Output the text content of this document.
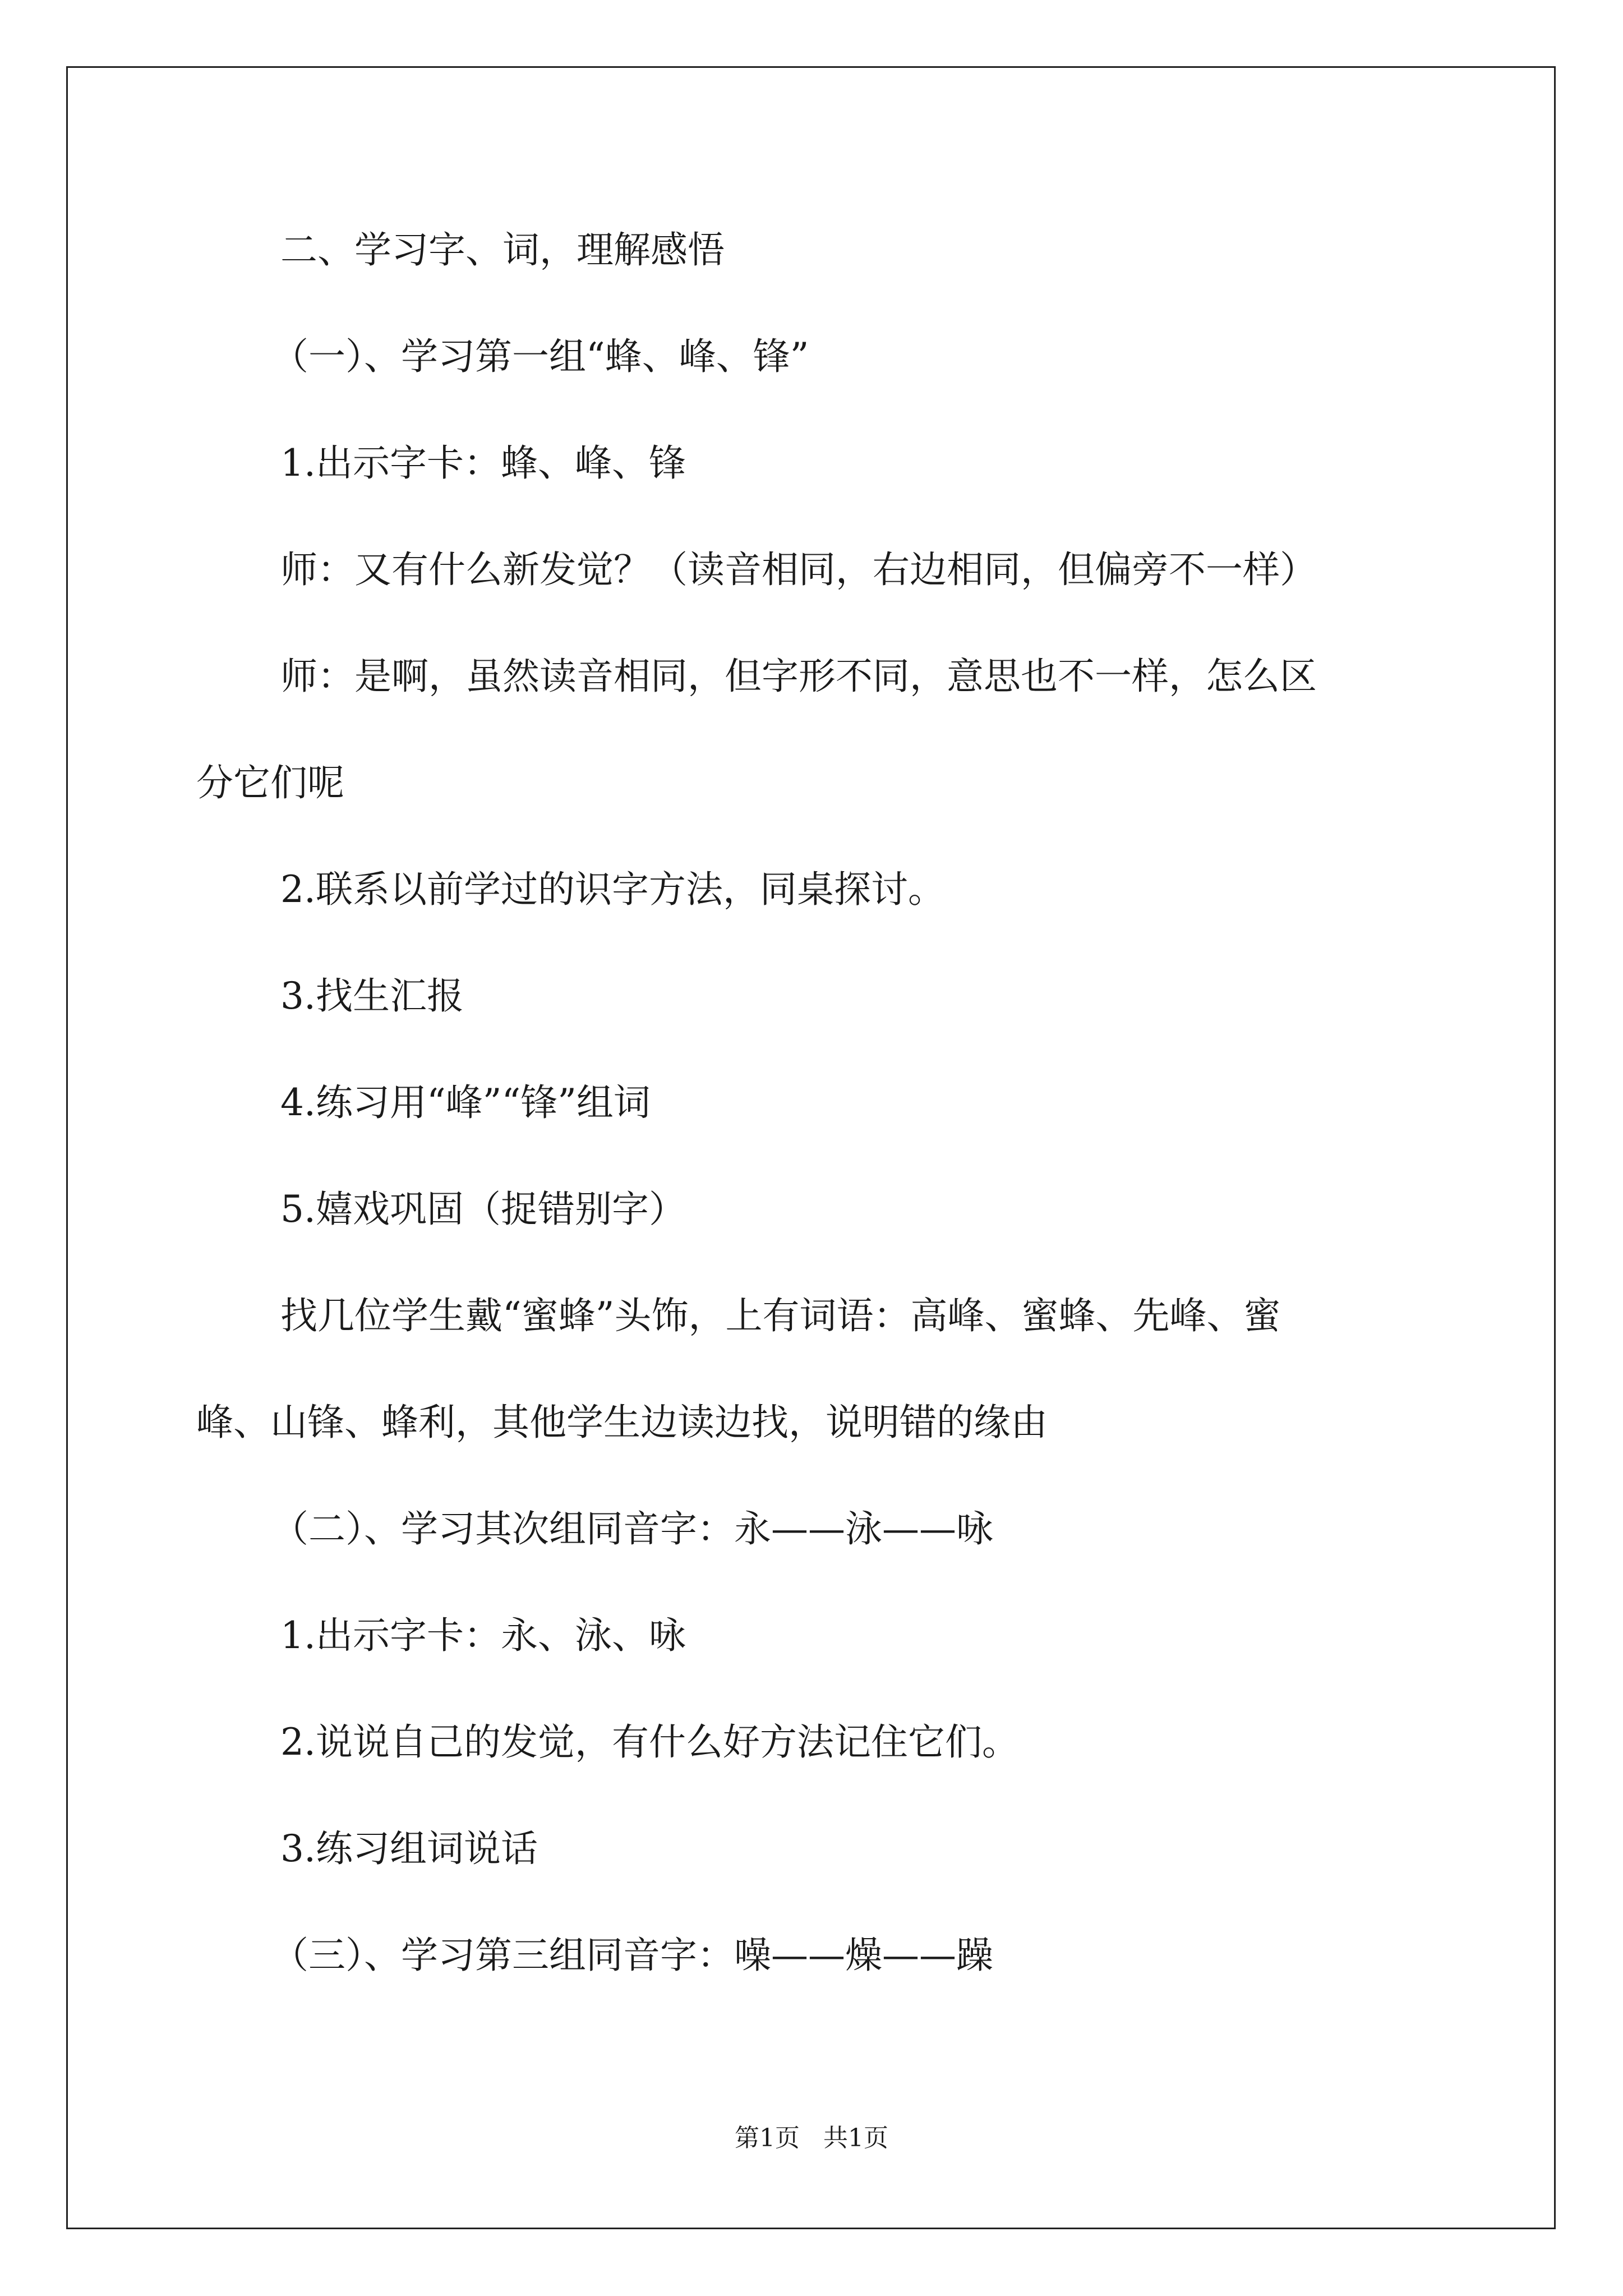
二、学习字、词，理解感悟

（一）、学习第一组“蜂、峰、锋”

1.出示字卡：蜂、峰、锋

师：又有什么新发觉？（读音相同，右边相同，但偏旁不一样）

师：是啊，虽然读音相同，但字形不同，意思也不一样，怎么区

分它们呢

2.联系以前学过的识字方法，同桌探讨。

3.找生汇报

4.练习用“峰”“锋”组词

5.嬉戏巩固（捉错别字）

找几位学生戴“蜜蜂”头饰，上有词语：高峰、蜜蜂、先峰、蜜

峰、山锋、蜂利，其他学生边读边找，说明错的缘由

（二）、学习其次组同音字：永——泳——咏

1.出示字卡：永、泳、咏

2.说说自己的发觉，有什么好方法记住它们。

3.练习组词说话

（三）、学习第三组同音字：噪——燥——躁

第1页 共1页
